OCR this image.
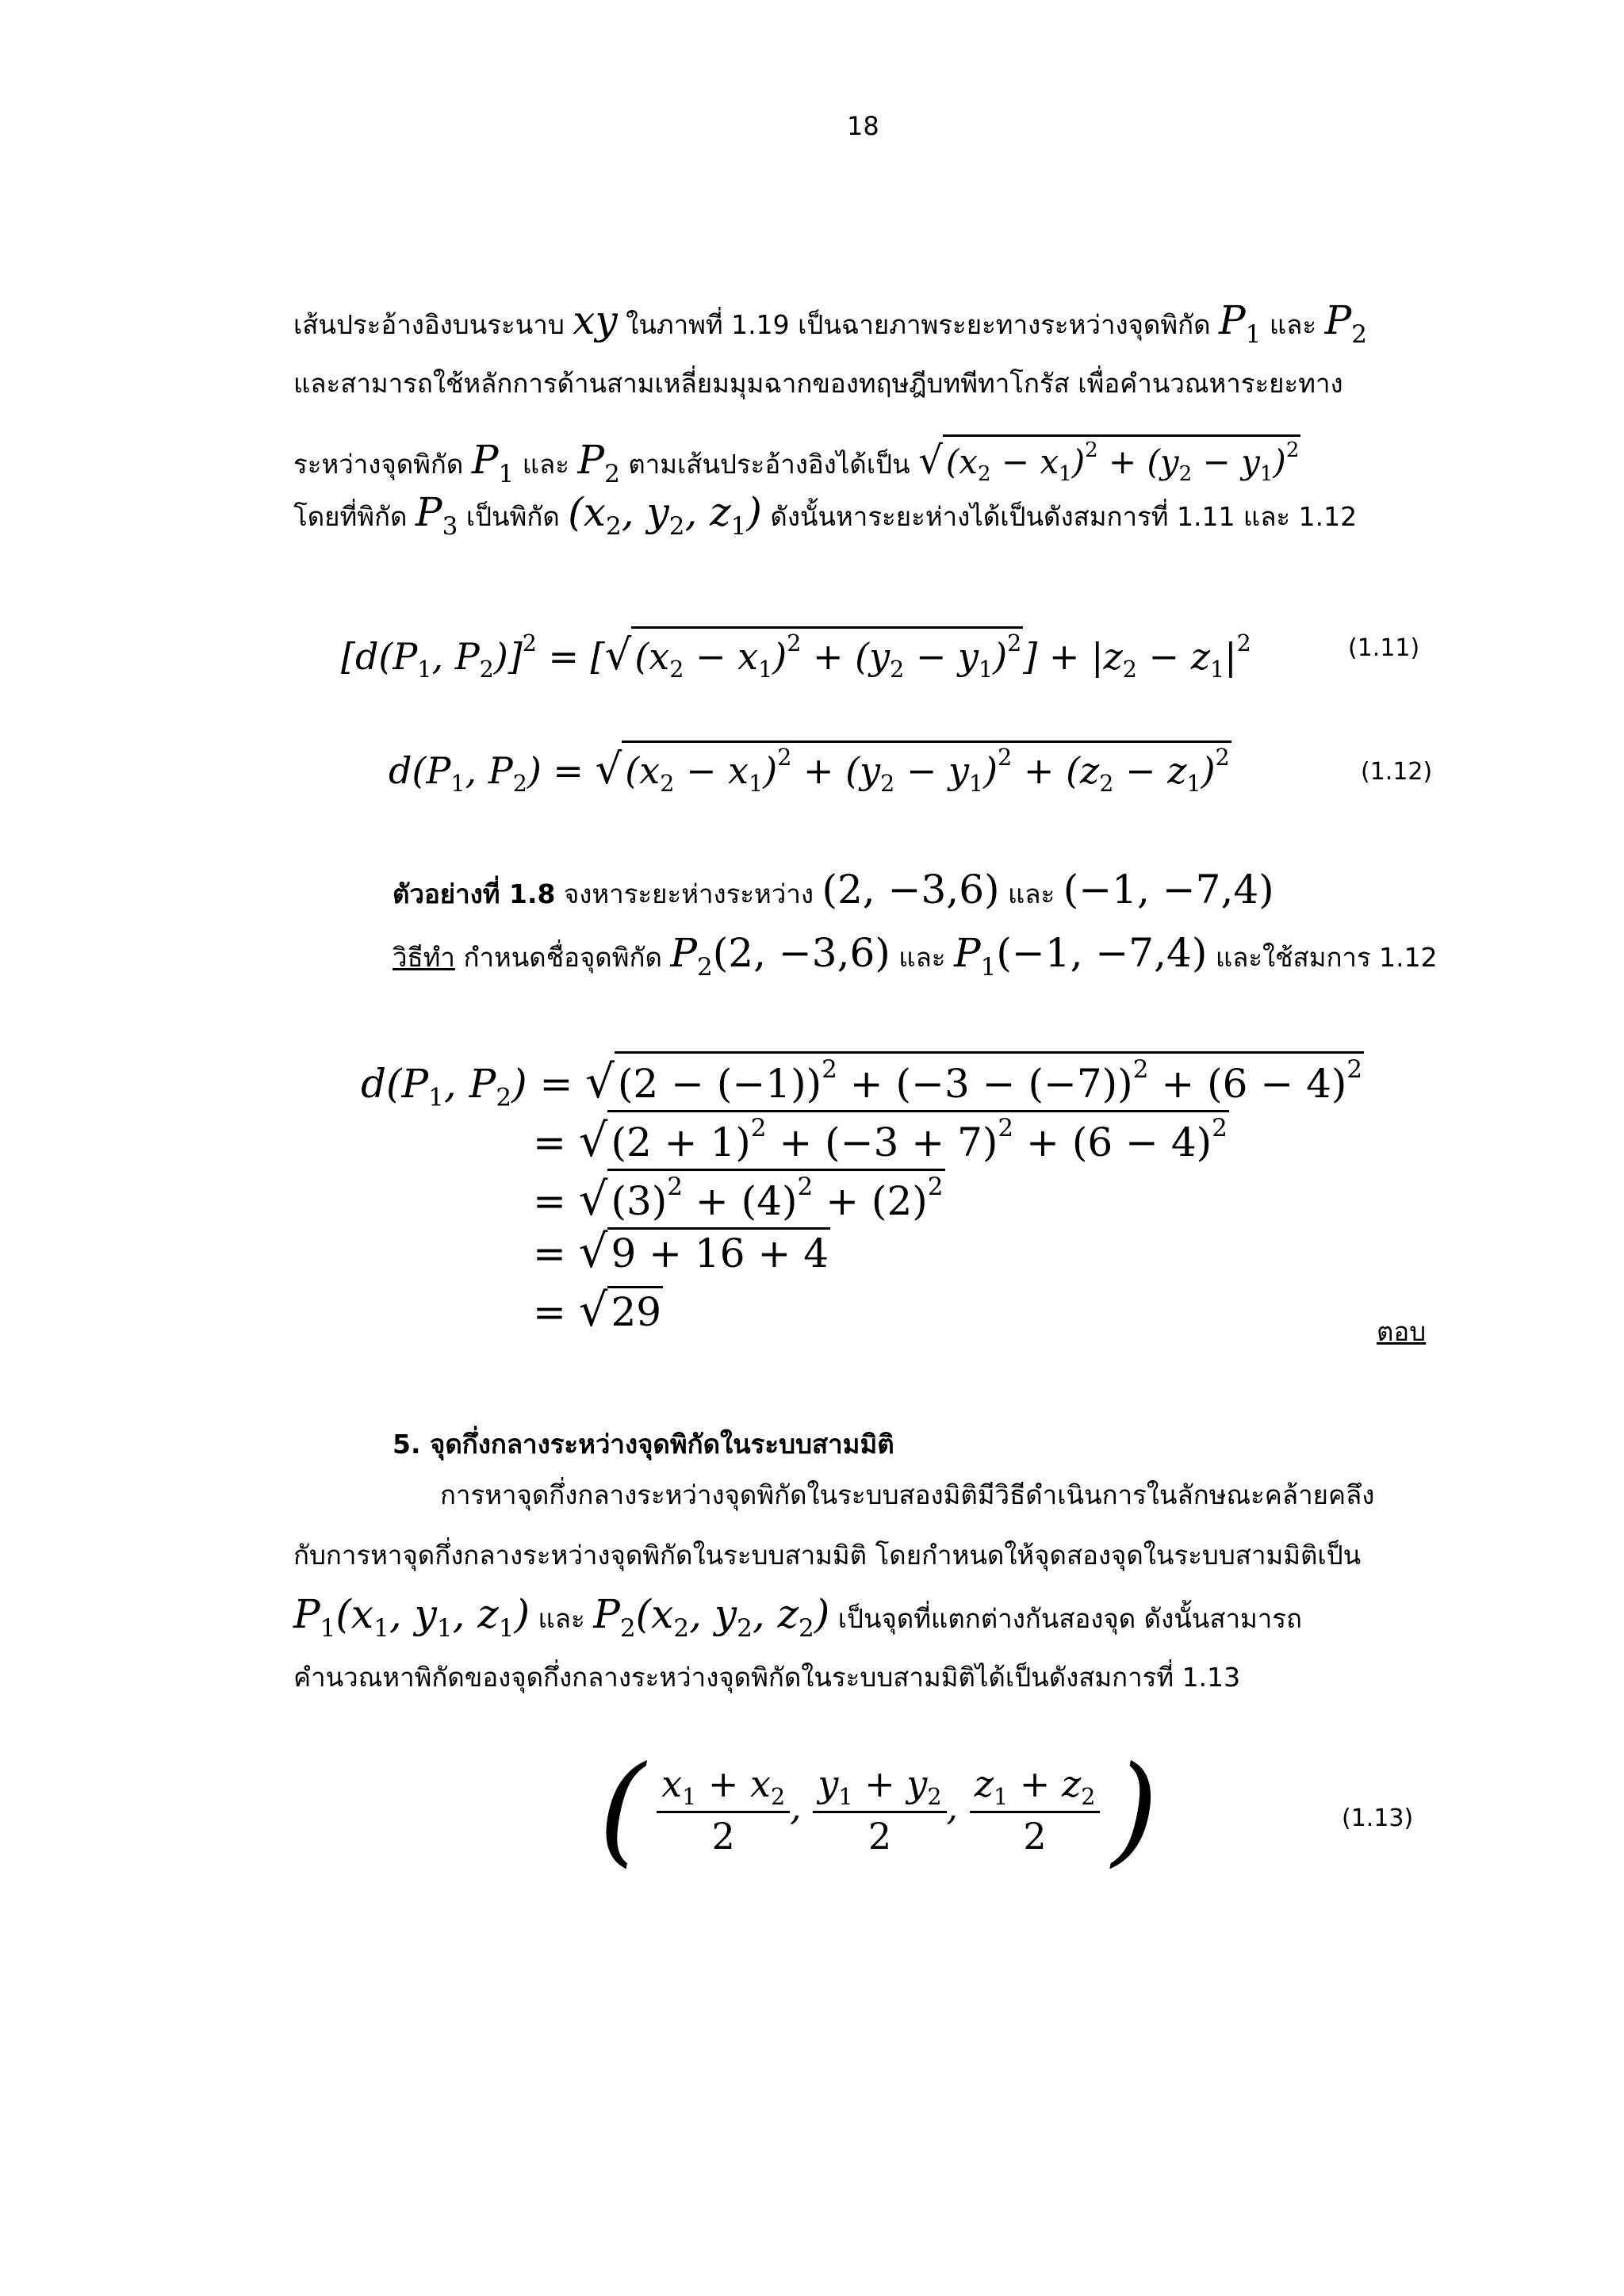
18
เส้นประอ้างอิงบนระนาบ xy ในภาพที่ 1.19 เป็นฉายภาพระยะทางระหว่างจุดพิกัด $P_1$ และ $P_2$
และสามารถใช้หลักการด้านสามเหลี่ยมมุมฉากของทฤษฎีบทพีทาโกรัส เพื่อคำนวณหาระยะทาง
ระหว่างจุดพิกัด $P_1$ และ $P_2$ ตามเส้นประอ้างอิงได้เป็น $√(x_2 - x_1)^2 + (y_2 - y_1)^2$
โดยที่พิกัด $P_3$ เป็นพิกัด ($x_2$, $y_2$, $z_1$) ดังนั้นหาระยะห่างได้เป็นดังสมการที่ 1.11 และ 1.12
[$d(P_1$, $P_2)]^2 = [√(x_2 - x_1)^2 + (y_2 - y_1)^2] + |z_2 - z_1|^2$	(1.11)
$d(P_1$, $P_2) = √(x_2 - x_1)^2 + (y_2 - y_1)^2 + (z_2 - z_1)^2$
(1.12)
ตัวอย่างที่ 1.8 จงหาระยะห่างระหว่าง (2, −3,6) และ (−1, −7,4)
วิธีทำ กำหนดชื่อจุดพิกัด $P_2(2$, −3,6) และ $P_1(-1$, −7,4) และใช้สมการ 1.12
$d(P_1$, $P_2) = √(2 - (-1))^2 + (-3 - (-7))^2 + (6 - 4)^2$
= $√(2 + 1)^2 + (-3 + 7)^2 + (6 - 4)^2$
= $√(3)^2 + (4)^2 + (2)^2$
= √9 + 16 + 4
= √29	ตอบ
5. จุดกึ่งกลางระหว่างจุดพิกัดในระบบสามมิติ
การหาจุดกึ่งกลางระหว่างจุดพิกัดในระบบสองมิติมีวิธีดำเนินการในลักษณะคล้ายคลึง
กับการหาจุดกึ่งกลางระหว่างจุดพิกัดในระบบสามมิติ โดยกำหนดให้จุดสองจุดในระบบสามมิติเป็น
$P_1(x_1$, $y_1$, $z_1$) และ $P_2(x_2$, $y_2$, $z_2$) เป็นจุดที่แตกต่างกันสองจุด ดังนั้นสามารถ
คำนวณหาพิกัดของจุดกึ่งกลางระหว่างจุดพิกัดในระบบสามมิติได้เป็นดังสมการที่ 1.13
( $\frac{x_1 + x_2}{2}$ , $\frac{y_1 + y_2}{2}$ , $\frac{z_1 + z_2}{2}$ )	(1.13)
